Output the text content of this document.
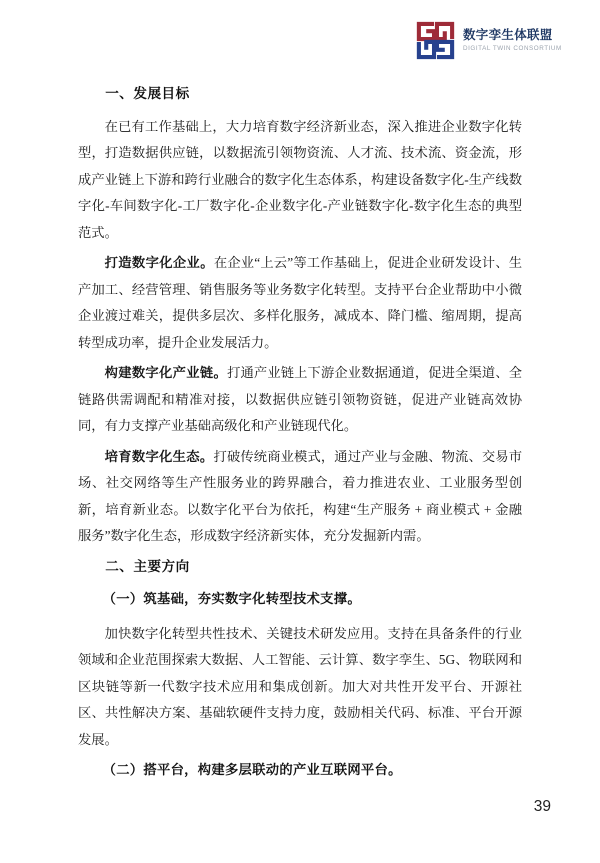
数字孪生体联盟
DIGITAL TWIN CONSORTIUM
一、发展目标

在已有工作基础上，大力培育数字经济新业态，深入推进企业数字化转型，打造数据供应链，以数据流引领物资流、人才流、技术流、资金流，形成产业链上下游和跨行业融合的数字化生态体系，构建设备数字化-生产线数字化-车间数字化-工厂数字化-企业数字化-产业链数字化-数字化生态的典型范式。

打造数字化企业。在企业“上云”等工作基础上，促进企业研发设计、生产加工、经营管理、销售服务等业务数字化转型。支持平台企业帮助中小微企业渡过难关，提供多层次、多样化服务，减成本、降门槛、缩周期，提高转型成功率，提升企业发展活力。

构建数字化产业链。打通产业链上下游企业数据通道，促进全渠道、全链路供需调配和精准对接，以数据供应链引领物资链，促进产业链高效协同，有力支撑产业基础高级化和产业链现代化。

培育数字化生态。打破传统商业模式，通过产业与金融、物流、交易市场、社交网络等生产性服务业的跨界融合，着力推进农业、工业服务型创新，培育新业态。以数字化平台为依托，构建“生产服务 + 商业模式 + 金融服务”数字化生态，形成数字经济新实体，充分发掘新内需。

二、主要方向
（一）筑基础，夯实数字化转型技术支撑。

加快数字化转型共性技术、关键技术研发应用。支持在具备条件的行业领域和企业范围探索大数据、人工智能、云计算、数字孪生、5G、物联网和区块链等新一代数字技术应用和集成创新。加大对共性开发平台、开源社区、共性解决方案、基础软硬件支持力度，鼓励相关代码、标准、平台开源发展。

（二）搭平台，构建多层联动的产业互联网平台。
39
